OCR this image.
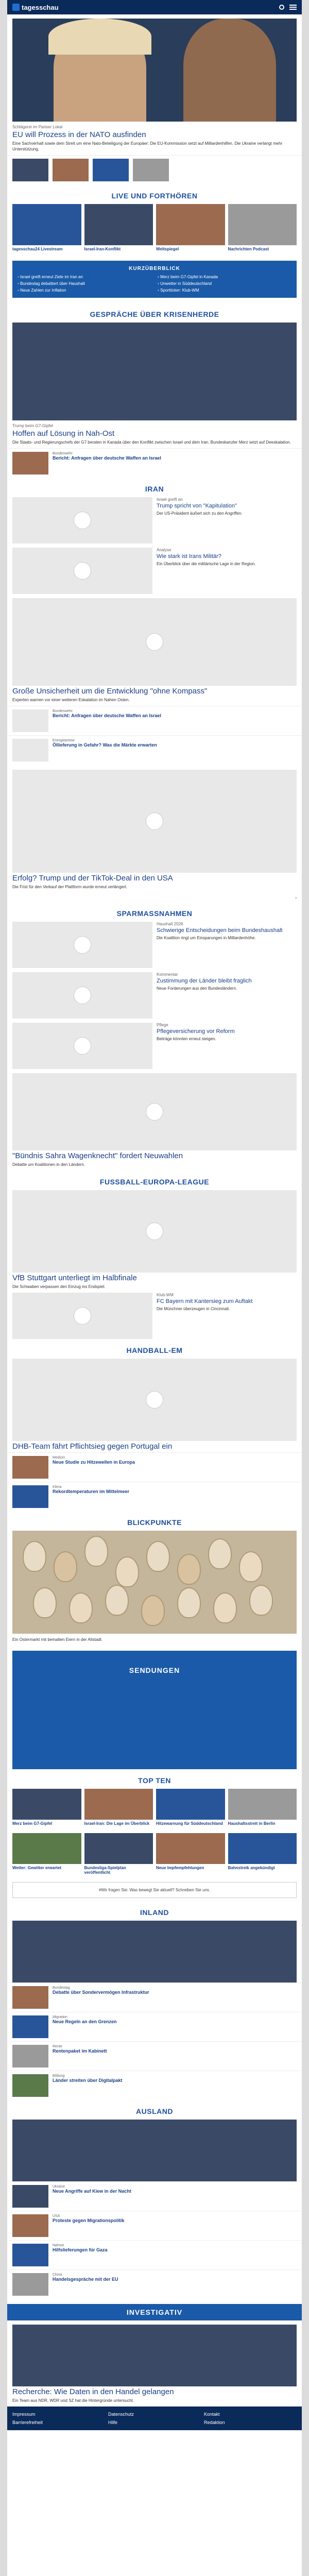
tagesschau
Schlägerei im Pariser Lokal
EU will Prozess in der NATO ausfinden
Eine Sachverhalt sowie dem Streit um eine Nato-Beteiligung der Europäer: Die EU-Kommission setzt auf Milliardenhilfen. Die Ukraine verlangt mehr Unterstützung.
LIVE UND FORTHÖREN
tagesschau24 Livestream	Israel-Iran-Konflikt	Weltspiegel	Nachrichten Podcast
KURZÜBERBLICK
▪ Israel greift erneut Ziele im Iran an	▪ Merz beim G7-Gipfel in Kanada
▪ Bundestag debattiert über Haushalt	▪ Unwetter in Süddeutschland
▪ Neue Zahlen zur Inflation	▪ Sportticker: Klub-WM
GESPRÄCHE ÜBER KRISENHERDE
Trump beim G7-Gipfel
Hoffen auf Lösung in Nah-Ost
Die Staats- und Regierungschefs der G7 beraten in Kanada über den Konflikt zwischen Israel und dem Iran. Bundeskanzler Merz setzt auf Deeskalation.
Bundeswehr
Bericht: Anfragen über deutsche Waffen an Israel
IRAN
Israel greift an
Trump spricht von "Kapitulation"
Der US-Präsident äußert sich zu den Angriffen.
Analyse
Wie stark ist Irans Militär?
Ein Überblick über die militärische Lage in der Region.
Große Unsicherheit um die Entwicklung "ohne Kompass"
Experten warnen vor einer weiteren Eskalation im Nahen Osten.
Bundeswehr
Bericht: Anfragen über deutsche Waffen an Israel
Energiepreise
Öllieferung in Gefahr? Was die Märkte erwarten
Erfolg? Trump und der TikTok-Deal in den USA
Die Frist für den Verkauf der Plattform wurde erneut verlängert.
›
SPARMASSNAHMEN
Haushalt 2026
Schwierige Entscheidungen beim Bundeshaushalt
Die Koalition ringt um Einsparungen in Milliardenhöhe.
Kommentar
Zustimmung der Länder bleibt fraglich
Neue Forderungen aus den Bundesländern.
Pflege
Pflegeversicherung vor Reform
Beiträge könnten erneut steigen.
"Bündnis Sahra Wagenknecht" fordert Neuwahlen
Debatte um Koalitionen in den Ländern.
FUSSBALL-EUROPA-LEAGUE
VfB Stuttgart unterliegt im Halbfinale
Die Schwaben verpassen den Einzug ins Endspiel.
Klub-WM
FC Bayern mit Kantersieg zum Auftakt
Die Münchner überzeugen in Cincinnati.
HANDBALL-EM
DHB-Team fährt Pflichtsieg gegen Portugal ein
Medizin
Neue Studie zu Hitzewellen in Europa
Klima
Rekordtemperaturen im Mittelmeer
BLICKPUNKTE
Ein Ostermarkt mit bemalten Eiern in der Altstadt.
SENDUNGEN
TOP TEN
Merz beim G7-Gipfel	Israel-Iran: Die Lage im Überblick	Hitzewarnung für Süddeutschland	Haushaltsstreit in Berlin
Wetter: Gewitter erwartet	Bundesliga-Spielplan veröffentlicht
Neue Impfempfehlungen	Bahnstreik angekündigt
#Wir fragen Sie: Was bewegt Sie aktuell? Schreiben Sie uns.
INLAND
Bundestag
Debatte über Sondervermögen Infrastruktur
Migration
Neue Regeln an den Grenzen
Rente
Rentenpaket im Kabinett
Bildung
Länder streiten über Digitalpakt
AUSLAND
Ukraine
Neue Angriffe auf Kiew in der Nacht
USA
Proteste gegen Migrationspolitik
Nahost
Hilfslieferungen für Gaza
China
Handelsgespräche mit der EU
INVESTIGATIV
Recherche: Wie Daten in den Handel gelangen
Ein Team aus NDR, WDR und SZ hat die Hintergründe untersucht.
Impressum	Datenschutz	Kontakt
Barrierefreiheit	Hilfe	Redaktion
